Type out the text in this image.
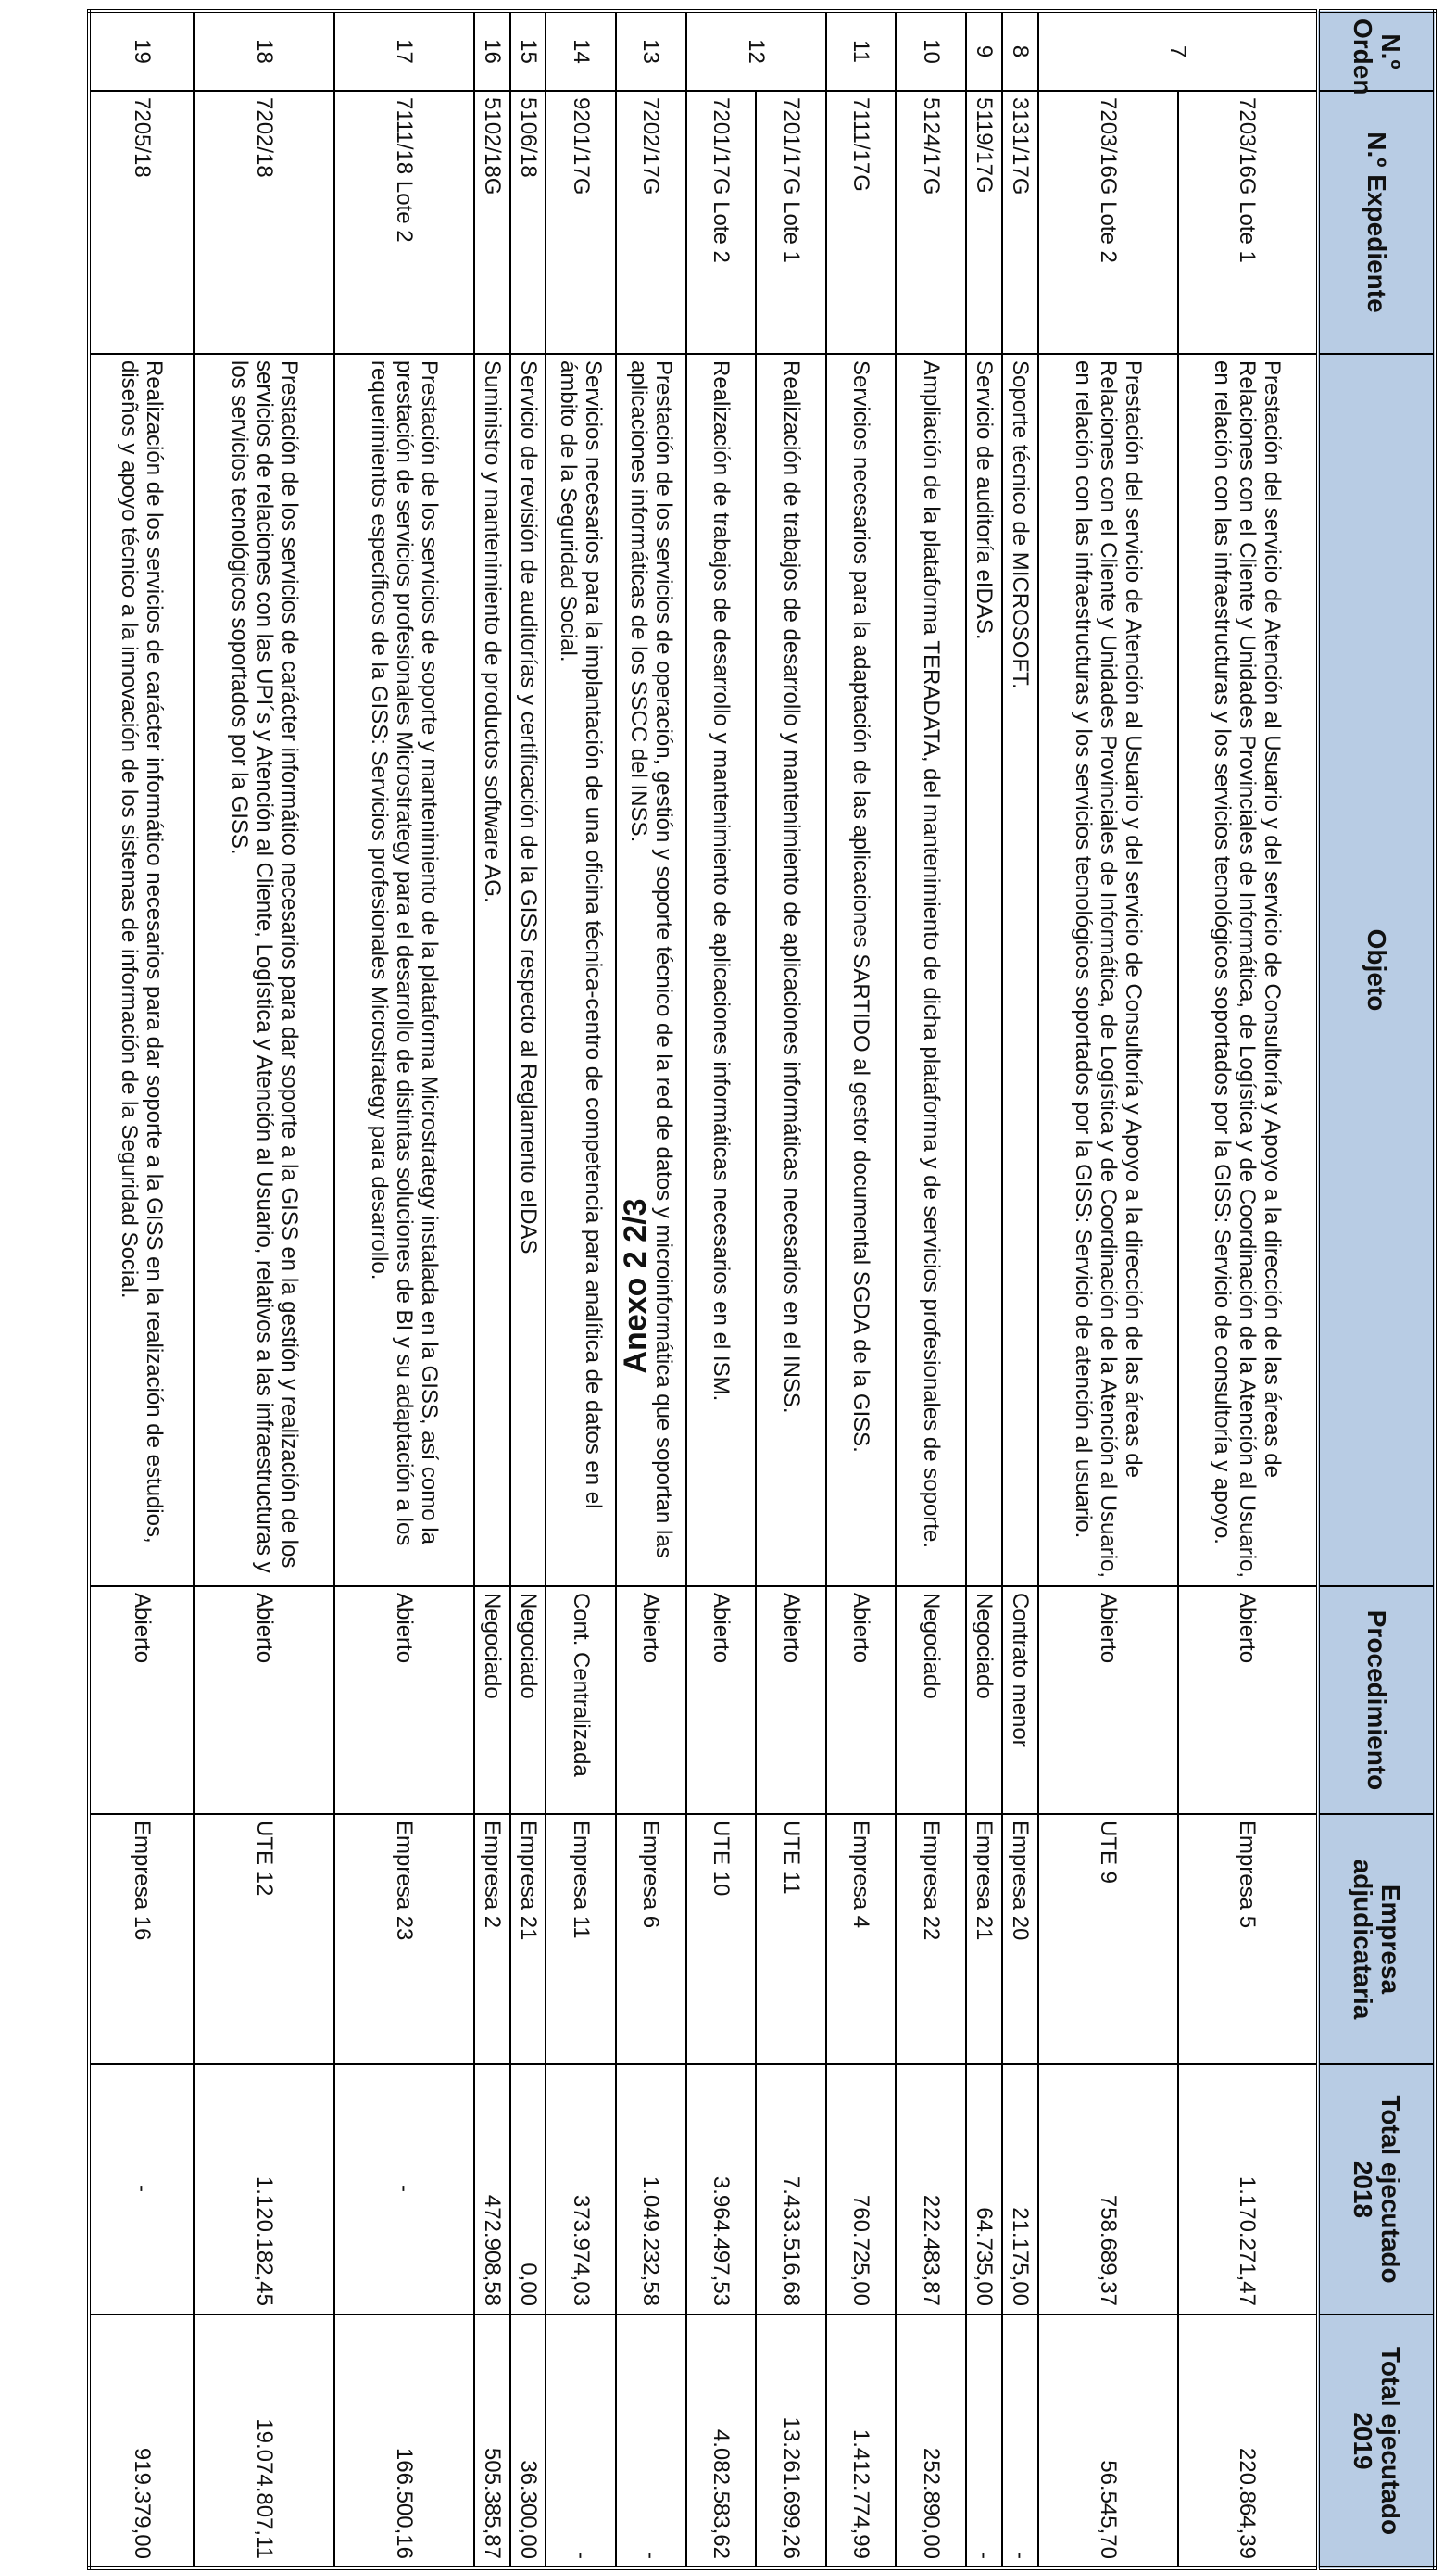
Anexo 2 2/3
N.º Orden	N.º Expediente	Objeto	Procedimiento	Empresa adjudicataria	Total ejecutado 2018	Total ejecutado 2019
7	7203/16G Lote 1	Prestación del servicio de Atención al Usuario y del servicio de Consultoría y Apoyo a la dirección de las áreas de Relaciones con el Cliente y Unidades Provinciales de Informática, de Logística y de Coordinación de la Atención al Usuario, en relación con las infraestructuras y los servicios tecnológicos soportados por la GISS: Servicio de consultoría y apoyo.	Abierto	Empresa 5	1.170.271,47	220.864,39
	7203/16G Lote 2	Prestación del servicio de Atención al Usuario y del servicio de Consultoría y Apoyo a la dirección de las áreas de Relaciones con el Cliente y Unidades Provinciales de Informática, de Logística y de Coordinación de la Atención al Usuario, en relación con las infraestructuras y los servicios tecnológicos soportados por la GISS: Servicio de atención al usuario.	Abierto	UTE 9	758.689,37	56.545,70
8	3131/17G	Soporte técnico de MICROSOFT.	Contrato menor	Empresa 20	21.175,00	-
9	5119/17G	Servicio de auditoría eIDAS.	Negociado	Empresa 21	64.735,00	-
10	5124/17G	Ampliación de la plataforma TERADATA, del mantenimiento de dicha plataforma y de servicios profesionales de soporte.	Negociado	Empresa 22	222.483,87	252.890,00
11	7111/17G	Servicios necesarios para la adaptación de las aplicaciones SARTIDO al gestor documental SGDA de la GISS.	Abierto	Empresa 4	760.725,00	1.412.774,99
12	7201/17G Lote 1	Realización de trabajos de desarrollo y mantenimiento de aplicaciones informáticas necesarios en el INSS.	Abierto	UTE 11	7.433.516,68	13.261.699,26
	7201/17G Lote 2	Realización de trabajos de desarrollo y mantenimiento de aplicaciones informáticas necesarios en el ISM.	Abierto	UTE 10	3.964.497,53	4.082.583,62
13	7202/17G	Prestación de los servicios de operación, gestión y soporte técnico de la red de datos y microinformática que soportan las aplicaciones informáticas de los SSCC del INSS.	Abierto	Empresa 6	1.049.232,58	-
14	9201/17G	Servicios necesarios para la implantación de una oficina técnica-centro de competencia para analítica de datos en el ámbito de la Seguridad Social.	Cont. Centralizada	Empresa 11	373.974,03	-
15	5106/18	Servicio de revisión de auditorías y certificación de la GISS respecto al Reglamento eIDAS	Negociado	Empresa 21	0,00	36.300,00
16	5102/18G	Suministro y mantenimiento de productos software AG.	Negociado	Empresa 2	472.908,58	505.385,87
17	7111/18 Lote 2	Prestación de los servicios de soporte y mantenimiento de la plataforma Microstrategy instalada en la GISS, así como la prestación de servicios profesionales Microstrategy para el desarrollo de distintas soluciones de BI y su adaptación a los requerimientos específicos de la GISS: Servicios profesionales Microstrategy para desarrollo.	Abierto	Empresa 23	-	166.500,16
18	7202/18	Prestación de los servicios de carácter informático necesarios para dar soporte a la GISS en la gestión y realización de los servicios de relaciones con las UPI´s y Atención al Cliente, Logística y Atención al Usuario, relativos a las infraestructuras y los servicios tecnológicos soportados por la GISS.	Abierto	UTE 12	1.120.182,45	19.074.807,11
19	7205/18	Realización de los servicios de carácter informático necesarios para dar soporte a la GISS en la realización de estudios, diseños y apoyo técnico a la innovación de los sistemas de información de la Seguridad Social.	Abierto	Empresa 16	-	919.379,00
